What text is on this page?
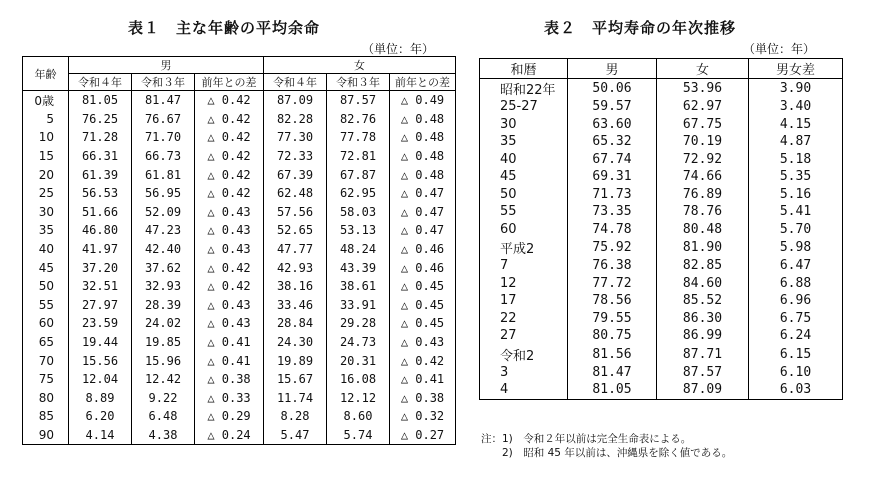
表１　主な年齢の平均余命
（単位：年）
年齢	男			女		
	令和４年	令和３年	前年との差	令和４年	令和３年	前年との差
0歳	81.05	81.47	△ 0.42	87.09	87.57	△ 0.49
5	76.25	76.67	△ 0.42	82.28	82.76	△ 0.48
10	71.28	71.70	△ 0.42	77.30	77.78	△ 0.48
15	66.31	66.73	△ 0.42	72.33	72.81	△ 0.48
20	61.39	61.81	△ 0.42	67.39	67.87	△ 0.48
25	56.53	56.95	△ 0.42	62.48	62.95	△ 0.47
30	51.66	52.09	△ 0.43	57.56	58.03	△ 0.47
35	46.80	47.23	△ 0.43	52.65	53.13	△ 0.47
40	41.97	42.40	△ 0.43	47.77	48.24	△ 0.46
45	37.20	37.62	△ 0.42	42.93	43.39	△ 0.46
50	32.51	32.93	△ 0.42	38.16	38.61	△ 0.45
55	27.97	28.39	△ 0.43	33.46	33.91	△ 0.45
60	23.59	24.02	△ 0.43	28.84	29.28	△ 0.45
65	19.44	19.85	△ 0.41	24.30	24.73	△ 0.43
70	15.56	15.96	△ 0.41	19.89	20.31	△ 0.42
75	12.04	12.42	△ 0.38	15.67	16.08	△ 0.41
80	8.89	9.22	△ 0.33	11.74	12.12	△ 0.38
85	6.20	6.48	△ 0.29	8.28	8.60	△ 0.32
90	4.14	4.38	△ 0.24	5.47	5.74	△ 0.27
表２　平均寿命の年次推移
（単位：年）
和暦	男	女	男女差
昭和22年	50.06	53.96	3.90
25-27	59.57	62.97	3.40
30	63.60	67.75	4.15
35	65.32	70.19	4.87
40	67.74	72.92	5.18
45	69.31	74.66	5.35
50	71.73	76.89	5.16
55	73.35	78.76	5.41
60	74.78	80.48	5.70
平成2	75.92	81.90	5.98
7	76.38	82.85	6.47
12	77.72	84.60	6.88
17	78.56	85.52	6.96
22	79.55	86.30	6.75
27	80.75	86.99	6.24
令和2	81.56	87.71	6.15
3	81.47	87.57	6.10
4	81.05	87.09	6.03
注：1)　令和２年以前は完全生命表による。
　　2)　昭和 45 年以前は、沖縄県を除く値である。
